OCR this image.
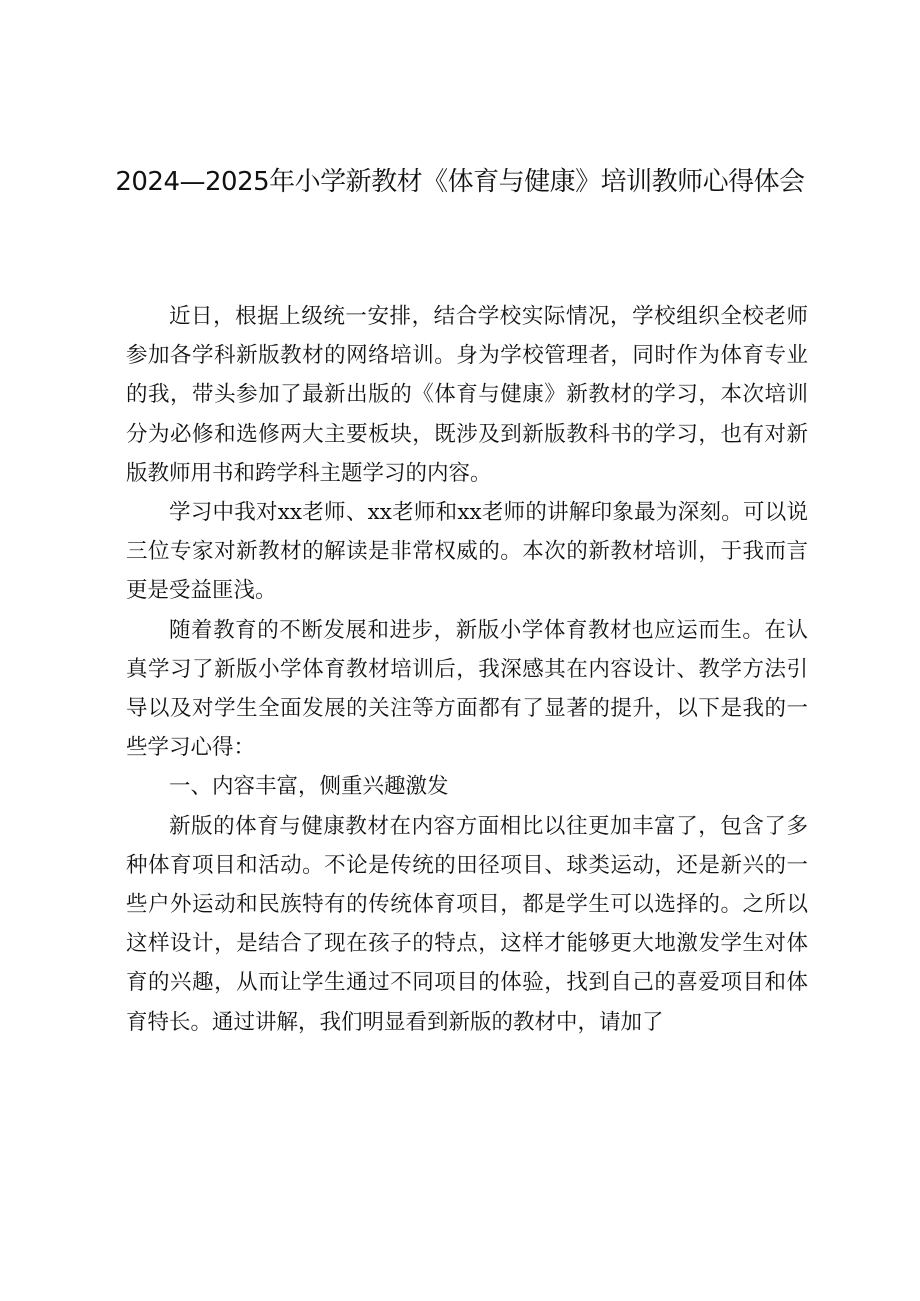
2024—2025年小学新教材《体育与健康》培训教师心得体会

近日，根据上级统一安排，结合学校实际情况，学校组织全校老师参加各学科新版教材的网络培训。身为学校管理者，同时作为体育专业的我，带头参加了最新出版的《体育与健康》新教材的学习，本次培训分为必修和选修两大主要板块，既涉及到新版教科书的学习，也有对新版教师用书和跨学科主题学习的内容。

学习中我对xx老师、xx老师和xx老师的讲解印象最为深刻。可以说三位专家对新教材的解读是非常权威的。本次的新教材培训，于我而言更是受益匪浅。

随着教育的不断发展和进步，新版小学体育教材也应运而生。在认真学习了新版小学体育教材培训后，我深感其在内容设计、教学方法引导以及对学生全面发展的关注等方面都有了显著的提升，以下是我的一些学习心得：

一、内容丰富，侧重兴趣激发

新版的体育与健康教材在内容方面相比以往更加丰富了，包含了多种体育项目和活动。不论是传统的田径项目、球类运动，还是新兴的一些户外运动和民族特有的传统体育项目，都是学生可以选择的。之所以这样设计，是结合了现在孩子的特点，这样才能够更大地激发学生对体育的兴趣，从而让学生通过不同项目的体验，找到自己的喜爱项目和体育特长。通过讲解，我们明显看到新版的教材中，请加了
